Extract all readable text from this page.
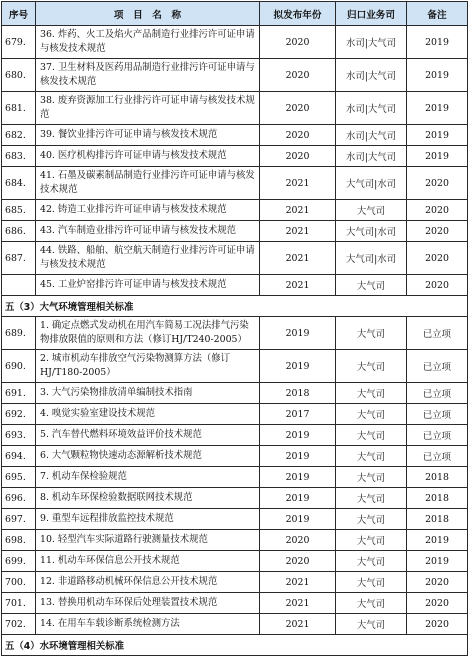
序号	项　目　名　称	拟发布年份	归口业务司	备注
679.	36. 炸药、火工及焰火产品制造行业排污许可证申请与核发技术规范	2020	水司|大气司	2019
680.	37. 卫生材料及医药用品制造行业排污许可证申请与核发技术规范	2020	水司|大气司	2019
681.	38. 废弃资源加工行业排污许可证申请与核发技术规范	2020	水司|大气司	2019
682.	39. 餐饮业排污许可证申请与核发技术规范	2020	水司|大气司	2019
683.	40. 医疗机构排污许可证申请与核发技术规范	2020	水司|大气司	2019
684.	41. 石墨及碳素制品制造行业排污许可证申请与核发技术规范	2021	大气司|水司	2020
685.	42. 铸造工业排污许可证申请与核发技术规范	2021	大气司	2020
686.	43. 汽车制造业排污许可证申请与核发技术规范	2021	大气司|水司	2020
687.	44. 铁路、船舶、航空航天制造行业排污许可证申请与核发技术规范	2021	大气司|水司	2020
	45. 工业炉窑排污许可证申请与核发技术规范	2021	大气司	2020
五（3）大气环境管理相关标准				
689.	1. 确定点燃式发动机在用汽车简易工况法排气污染物排放限值的原则和方法（修订HJ/T240-2005）	2019	大气司	已立项
690.	2. 城市机动车排放空气污染物测算方法（修订HJ/T180-2005）	2019	大气司	已立项
691.	3. 大气污染物排放清单编制技术指南	2018	大气司	已立项
692.	4. 嗅觉实验室建设技术规范	2017	大气司	已立项
693.	5. 汽车替代燃料环境效益评价技术规范	2019	大气司	已立项
694.	6. 大气颗粒物快速动态源解析技术规范	2019	大气司	已立项
695.	7. 机动车保检验规范	2019	大气司	2018
696.	8. 机动车环保检验数据联网技术规范	2019	大气司	2018
697.	9. 重型车远程排放监控技术规范	2019	大气司	2018
698.	10. 轻型汽车实际道路行驶测量技术规范	2020	大气司	2019
699.	11. 机动车环保信息公开技术规范	2020	大气司	2019
700.	12. 非道路移动机械环保信息公开技术规范	2021	大气司	2020
701.	13. 替换用机动车环保后处理装置技术规范	2021	大气司	2020
702.	14. 在用车车载诊断系统检测方法	2021	大气司	2020
五（4）水环境管理相关标准				
